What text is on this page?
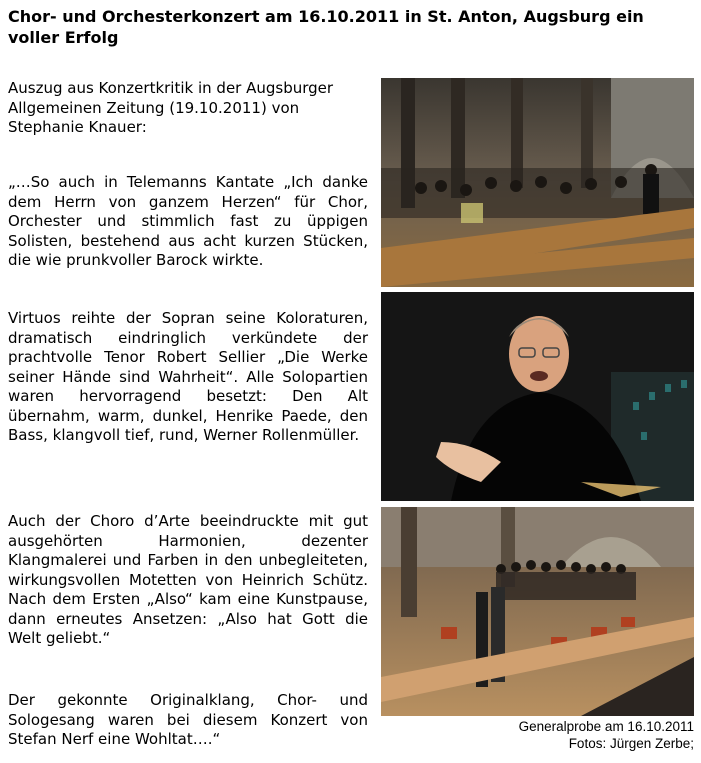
Chor- und Orchesterkonzert am 16.10.2011 in St. Anton, Augsburg ein voller Erfolg
Auszug aus Konzertkritik in der Augsburger Allgemeinen Zeitung (19.10.2011) von Stephanie Knauer:
„…So auch in Telemanns Kantate „Ich danke dem Herrn von ganzem Herzen“ für Chor, Orchester und stimmlich fast zu üppigen Solisten, bestehend aus acht kurzen Stücken, die wie prunkvoller Barock wirkte.
Virtuos reihte der Sopran seine Koloraturen, dramatisch eindringlich verkündete der prachtvolle Tenor Robert Sellier „Die Werke seiner Hände sind Wahrheit“. Alle Solopartien waren hervorragend besetzt: Den Alt übernahm, warm, dunkel, Henrike Paede, den Bass, klangvoll tief, rund, Werner Rollenmüller.
Auch der Choro d’Arte beeindruckte mit gut ausgehörten Harmonien, dezenter Klangmalerei und Farben in den unbegleiteten, wirkungsvollen Motetten von Heinrich Schütz. Nach dem Ersten „Also“ kam eine Kunstpause, dann erneutes Ansetzen: „Also hat Gott die Welt geliebt.“
Der gekonnte Originalklang, Chor- und Sologesang waren bei diesem Konzert von Stefan Nerf eine Wohltat….“
Generalprobe am 16.10.2011
Fotos: Jürgen Zerbe;
